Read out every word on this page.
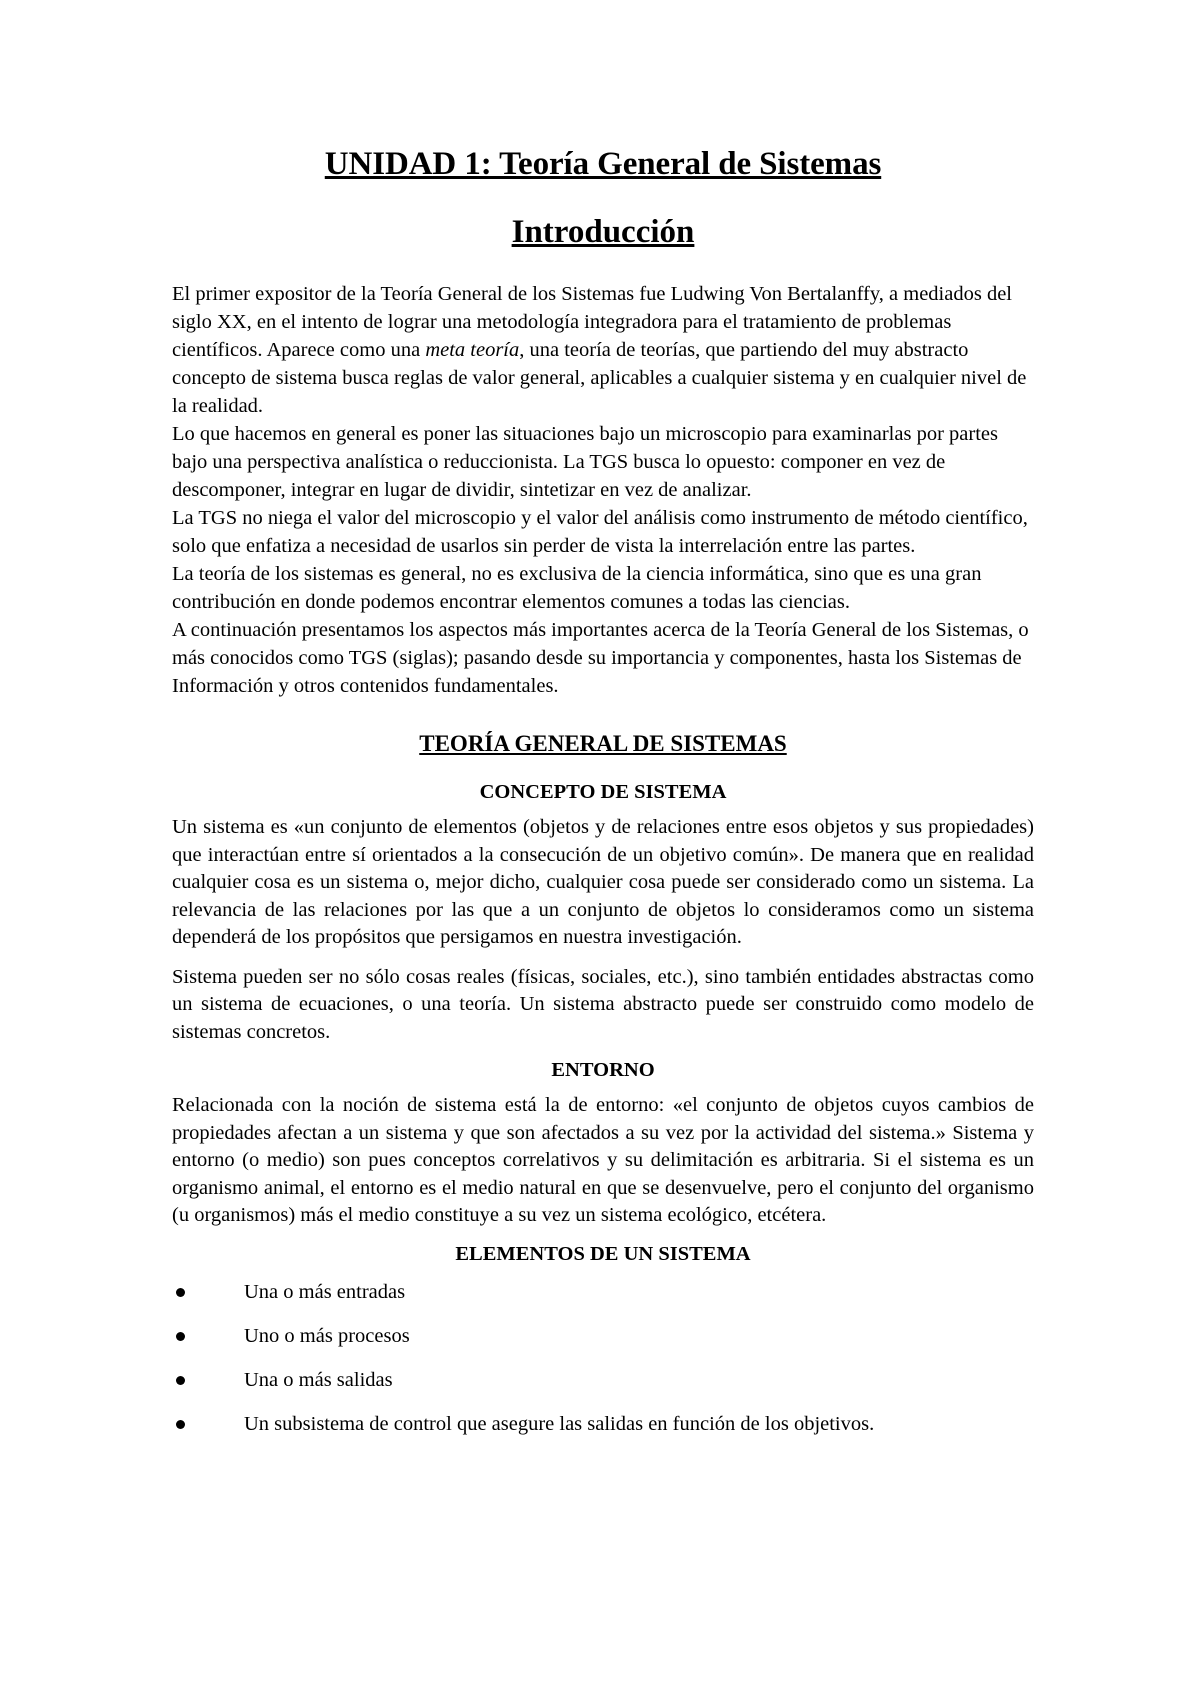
UNIDAD 1: Teoría General de Sistemas
Introducción

El primer expositor de la Teoría General de los Sistemas fue Ludwing Von Bertalanffy, a mediados del siglo XX, en el intento de lograr una metodología integradora para el tratamiento de problemas científicos. Aparece como una meta teoría, una teoría de teorías, que partiendo del muy abstracto concepto de sistema busca reglas de valor general, aplicables a cualquier sistema y en cualquier nivel de la realidad.

Lo que hacemos en general es poner las situaciones bajo un microscopio para examinarlas por partes bajo una perspectiva analística o reduccionista. La TGS busca lo opuesto: componer en vez de descomponer, integrar en lugar de dividir, sintetizar en vez de analizar.

La TGS no niega el valor del microscopio y el valor del análisis como instrumento de método científico, solo que enfatiza a necesidad de usarlos sin perder de vista la interrelación entre las partes.

La teoría de los sistemas es general, no es exclusiva de la ciencia informática, sino que es una gran contribución en donde podemos encontrar elementos comunes a todas las ciencias.

A continuación presentamos los aspectos más importantes acerca de la Teoría General de los Sistemas, o más conocidos como TGS (siglas); pasando desde su importancia y componentes, hasta los Sistemas de Información y otros contenidos fundamentales.

TEORÍA GENERAL DE SISTEMAS
CONCEPTO DE SISTEMA

Un sistema es «un conjunto de elementos (objetos y de relaciones entre esos objetos y sus propiedades) que interactúan entre sí orientados a la consecución de un objetivo común». De manera que en realidad cualquier cosa es un sistema o, mejor dicho, cualquier cosa puede ser considerado como un sistema. La relevancia de las relaciones por las que a un conjunto de objetos lo consideramos como un sistema dependerá de los propósitos que persigamos en nuestra investigación.

Sistema pueden ser no sólo cosas reales (físicas, sociales, etc.), sino también entidades abstractas como un sistema de ecuaciones, o una teoría. Un sistema abstracto puede ser construido como modelo de sistemas concretos.

ENTORNO

Relacionada con la noción de sistema está la de entorno: «el conjunto de objetos cuyos cambios de propiedades afectan a un sistema y que son afectados a su vez por la actividad del sistema.» Sistema y entorno (o medio) son pues conceptos correlativos y su delimitación es arbitraria. Si el sistema es un organismo animal, el entorno es el medio natural en que se desenvuelve, pero el conjunto del organismo (u organismos) más el medio constituye a su vez un sistema ecológico, etcétera.

ELEMENTOS DE UN SISTEMA
Una o más entradas
Uno o más procesos
Una o más salidas
Un subsistema de control que asegure las salidas en función de los objetivos.
